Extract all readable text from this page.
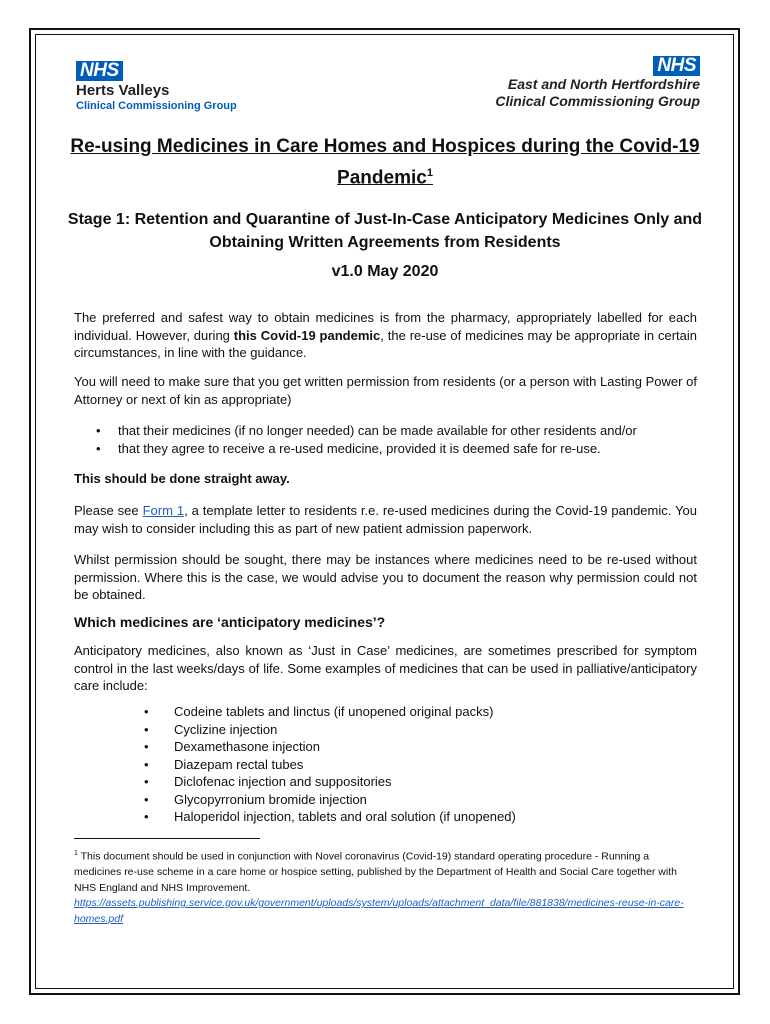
NHS
Herts Valleys
Clinical Commissioning Group
NHS
East and North Hertfordshire
Clinical Commissioning Group
Re-using Medicines in Care Homes and Hospices during the Covid-19 Pandemic$^1$
Stage 1: Retention and Quarantine of Just-In-Case Anticipatory Medicines Only and Obtaining Written Agreements from Residents
v1.0 May 2020
The preferred and safest way to obtain medicines is from the pharmacy, appropriately labelled for each individual. However, during this Covid-19 pandemic, the re-use of medicines may be appropriate in certain circumstances, in line with the guidance.
You will need to make sure that you get written permission from residents (or a person with Lasting Power of Attorney or next of kin as appropriate)
•	that their medicines (if no longer needed) can be made available for other residents and/or
•	that they agree to receive a re-used medicine, provided it is deemed safe for re-use.
This should be done straight away.
Please see Form 1, a template letter to residents r.e. re-used medicines during the Covid-19 pandemic. You may wish to consider including this as part of new patient admission paperwork.
Whilst permission should be sought, there may be instances where medicines need to be re-used without permission. Where this is the case, we would advise you to document the reason why permission could not be obtained.
Which medicines are ‘anticipatory medicines’?
Anticipatory medicines, also known as ‘Just in Case’ medicines, are sometimes prescribed for symptom control in the last weeks/days of life. Some examples of medicines that can be used in palliative/anticipatory care include:
•	Codeine tablets and linctus (if unopened original packs)
•	Cyclizine injection
•	Dexamethasone injection
•	Diazepam rectal tubes
•	Diclofenac injection and suppositories
•	Glycopyrronium bromide injection
•	Haloperidol injection, tablets and oral solution (if unopened)
$^1$ This document should be used in conjunction with Novel coronavirus (Covid-19) standard operating procedure - Running a medicines re-use scheme in a care home or hospice setting, published by the Department of Health and Social Care together with NHS England and NHS Improvement.
https://assets.publishing.service.gov.uk/government/uploads/system/uploads/attachment_data/file/881838/medicines-reuse-in-care-homes.pdf
